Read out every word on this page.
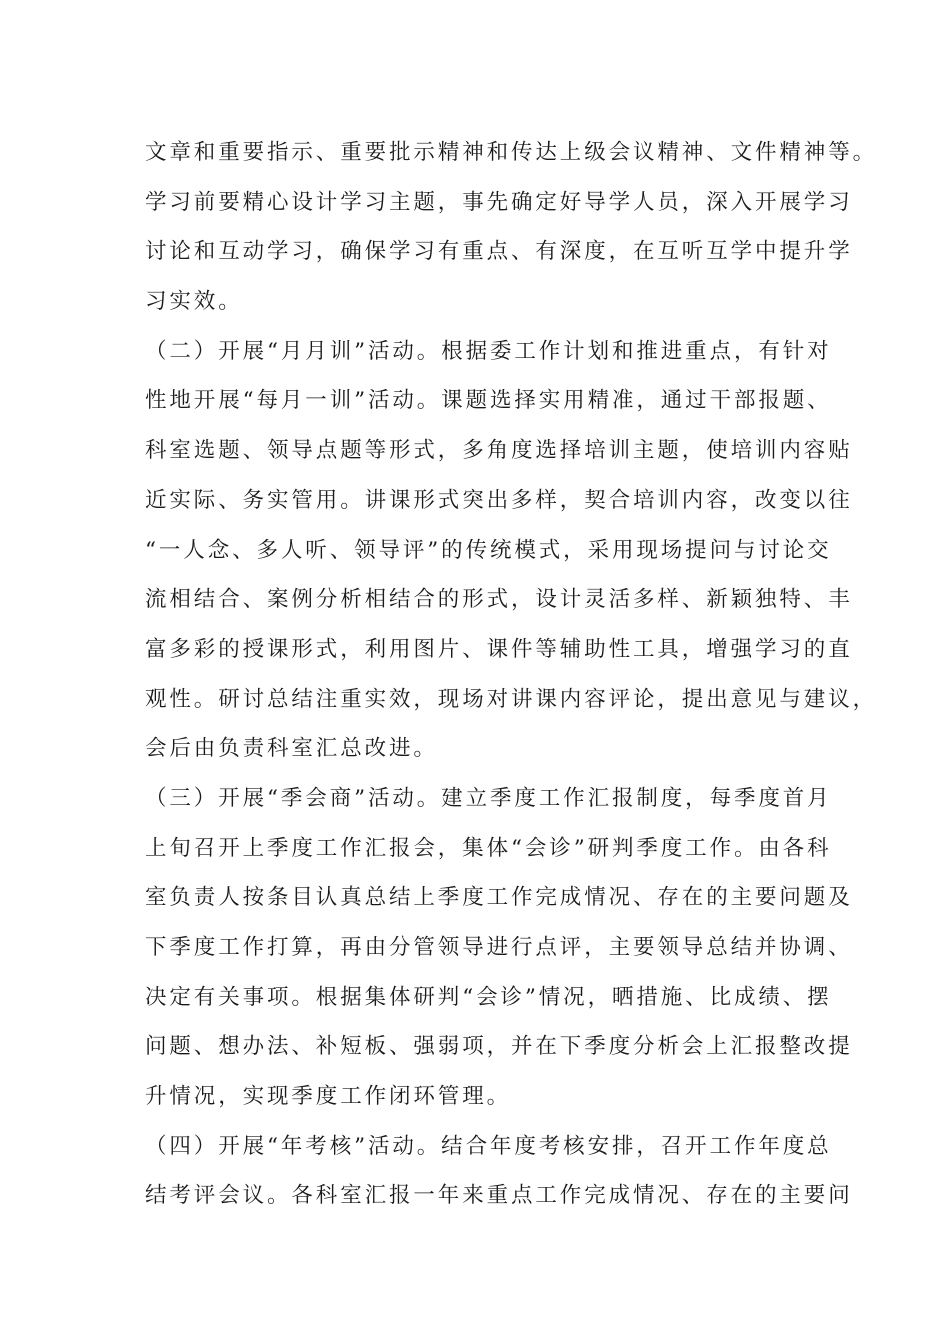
文章和重要指示、重要批示精神和传达上级会议精神、文件精神等。
学习前要精心设计学习主题，事先确定好导学人员，深入开展学习
讨论和互动学习，确保学习有重点、有深度，在互听互学中提升学
习实效。
（二）开展“月月训”活动。根据委工作计划和推进重点，有针对
性地开展“每月一训”活动。课题选择实用精准，通过干部报题、
科室选题、领导点题等形式，多角度选择培训主题，使培训内容贴
近实际、务实管用。讲课形式突出多样，契合培训内容，改变以往
“一人念、多人听、领导评”的传统模式，采用现场提问与讨论交
流相结合、案例分析相结合的形式，设计灵活多样、新颖独特、丰
富多彩的授课形式，利用图片、课件等辅助性工具，增强学习的直
观性。研讨总结注重实效，现场对讲课内容评论，提出意见与建议，
会后由负责科室汇总改进。
（三）开展“季会商”活动。建立季度工作汇报制度，每季度首月
上旬召开上季度工作汇报会，集体“会诊”研判季度工作。由各科
室负责人按条目认真总结上季度工作完成情况、存在的主要问题及
下季度工作打算，再由分管领导进行点评，主要领导总结并协调、
决定有关事项。根据集体研判“会诊”情况，晒措施、比成绩、摆
问题、想办法、补短板、强弱项，并在下季度分析会上汇报整改提
升情况，实现季度工作闭环管理。
（四）开展“年考核”活动。结合年度考核安排，召开工作年度总
结考评会议。各科室汇报一年来重点工作完成情况、存在的主要问
